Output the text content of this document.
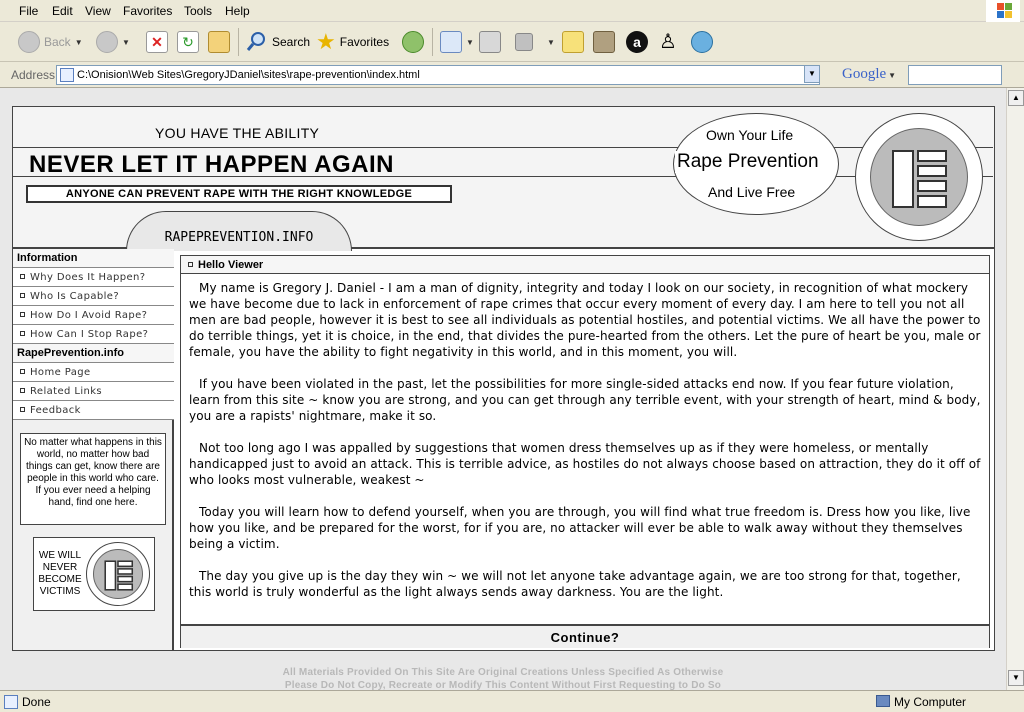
File Edit View Favorites Tools Help
Back ▼	▼	✕	↻	Search ★ Favorites	▼	▼	a ♙
Address	C:\Onision\Web Sites\GregoryJDaniel\sites\rape-prevention\index.html	▼ Google ▼
YOU HAVE THE ABILITY
NEVER LET IT HAPPEN AGAIN
ANYONE CAN PREVENT RAPE WITH THE RIGHT KNOWLEDGE
RAPEPREVENTION.INFO
Own Your Life
Rape Prevention
And Live Free
Information
Why Does It Happen?
Who Is Capable?
How Do I Avoid Rape?
How Can I Stop Rape?
RapePrevention.info
Home Page
Related Links
Feedback
No matter what happens in this world, no matter how bad things can get, know there are people in this world who care. If you ever need a helping hand, find one here.
WE WILL NEVER BECOME VICTIMS
Hello Viewer

My name is Gregory J. Daniel - I am a man of dignity, integrity and today I look on our society, in recognition of what mockery we have become due to lack in enforcement of rape crimes that occur every moment of every day. I am here to tell you not all men are bad people, however it is best to see all individuals as potential hostiles, and potential victims. We all have the power to do terrible things, yet it is choice, in the end, that divides the pure-hearted from the others. Let the pure of heart be you, male or female, you have the ability to fight negativity in this world, and in this moment, you will.

If you have been violated in the past, let the possibilities for more single-sided attacks end now. If you fear future violation, learn from this site ~ know you are strong, and you can get through any terrible event, with your strength of heart, mind & body, you are a rapists' nightmare, make it so.

Not too long ago I was appalled by suggestions that women dress themselves up as if they were homeless, or mentally handicapped just to avoid an attack. This is terrible advice, as hostiles do not always choose based on attraction, they do it off of who looks most vulnerable, weakest ~

Today you will learn how to defend yourself, when you are through, you will find what true freedom is. Dress how you like, live how you like, and be prepared for the worst, for if you are, no attacker will ever be able to walk away without they themselves being a victim.

The day you give up is the day they win ~ we will not let anyone take advantage again, we are too strong for that, together, this world is truly wonderful as the light always sends away darkness. You are the light.

Continue?
All Materials Provided On This Site Are Original Creations Unless Specified As Otherwise
Please Do Not Copy, Recreate or Modify This Content Without First Requesting to Do So
▲
▼
Done	My Computer
